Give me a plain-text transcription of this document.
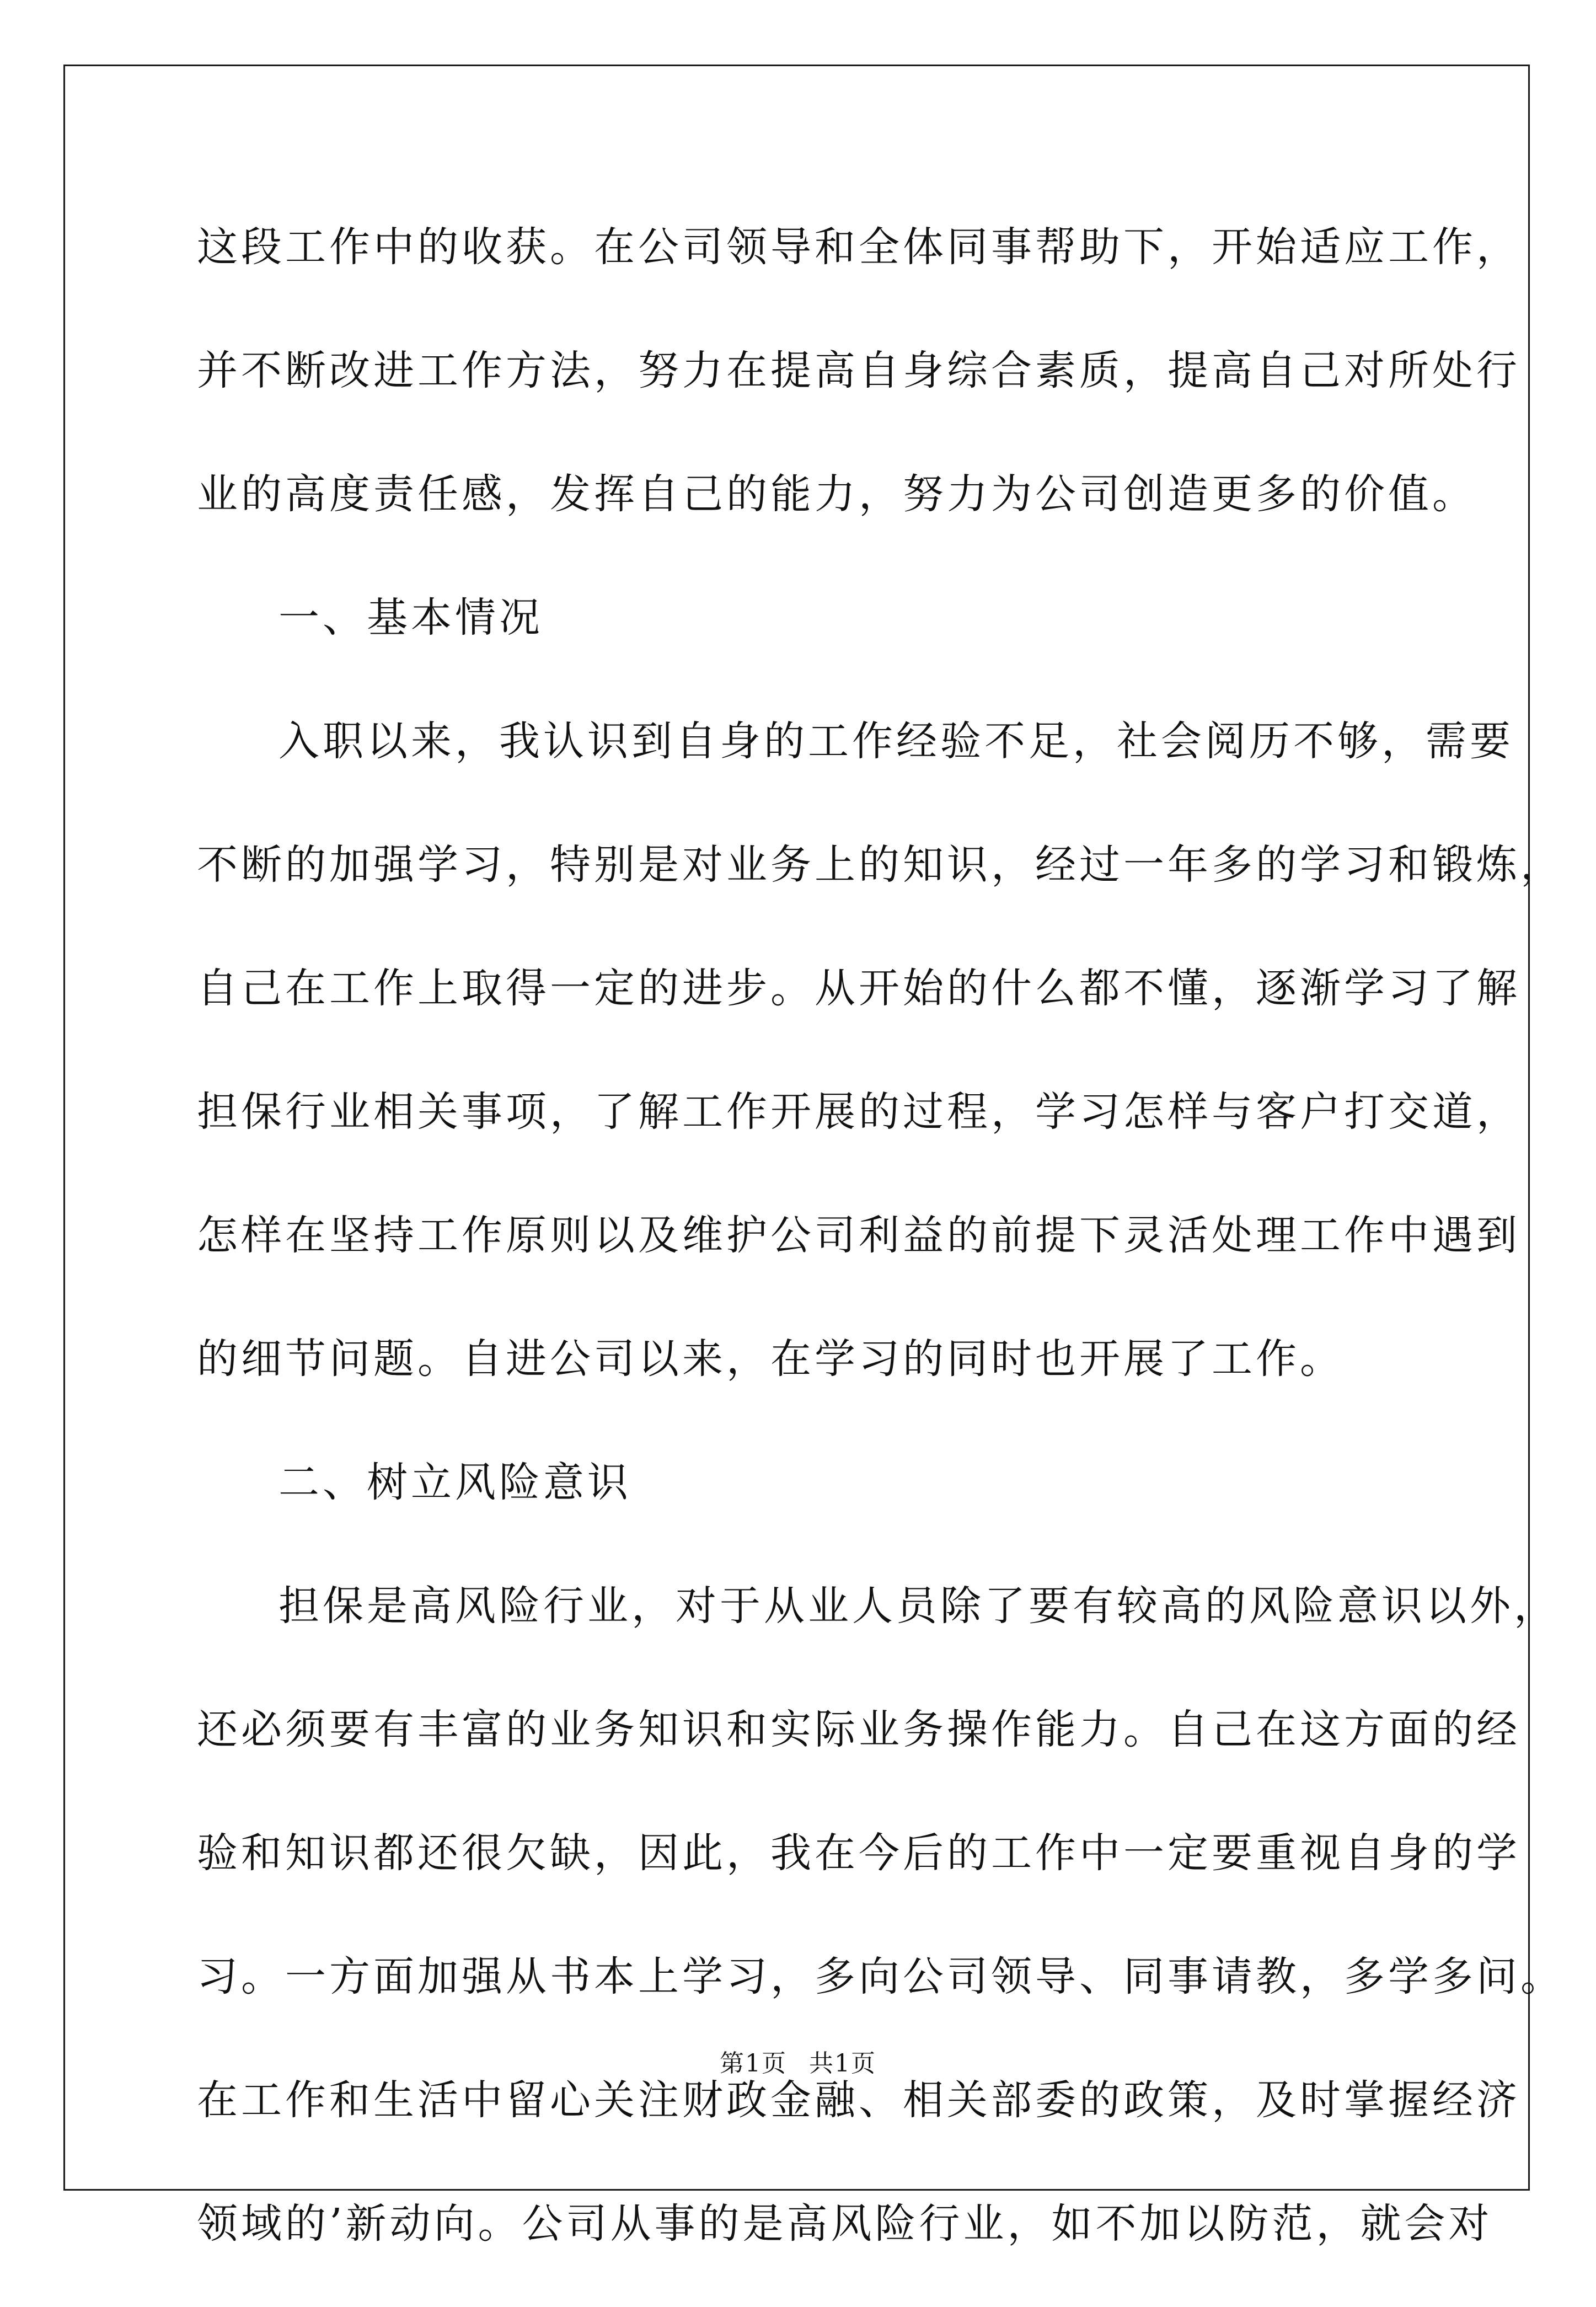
这段工作中的收获。在公司领导和全体同事帮助下，开始适应工作，
并不断改进工作方法，努力在提高自身综合素质，提高自己对所处行
业的高度责任感，发挥自己的能力，努力为公司创造更多的价值。
一、基本情况
入职以来，我认识到自身的工作经验不足，社会阅历不够，需要
不断的加强学习，特别是对业务上的知识，经过一年多的学习和锻炼，
自己在工作上取得一定的进步。从开始的什么都不懂，逐渐学习了解
担保行业相关事项，了解工作开展的过程，学习怎样与客户打交道，
怎样在坚持工作原则以及维护公司利益的前提下灵活处理工作中遇到
的细节问题。自进公司以来，在学习的同时也开展了工作。
二、树立风险意识
担保是高风险行业，对于从业人员除了要有较高的风险意识以外，
还必须要有丰富的业务知识和实际业务操作能力。自己在这方面的经
验和知识都还很欠缺，因此，我在今后的工作中一定要重视自身的学
习。一方面加强从书本上学习，多向公司领导、同事请教，多学多问。
在工作和生活中留心关注财政金融、相关部委的政策，及时掌握经济
领域的’新动向。公司从事的是高风险行业，如不加以防范，就会对
第1页 共1页
